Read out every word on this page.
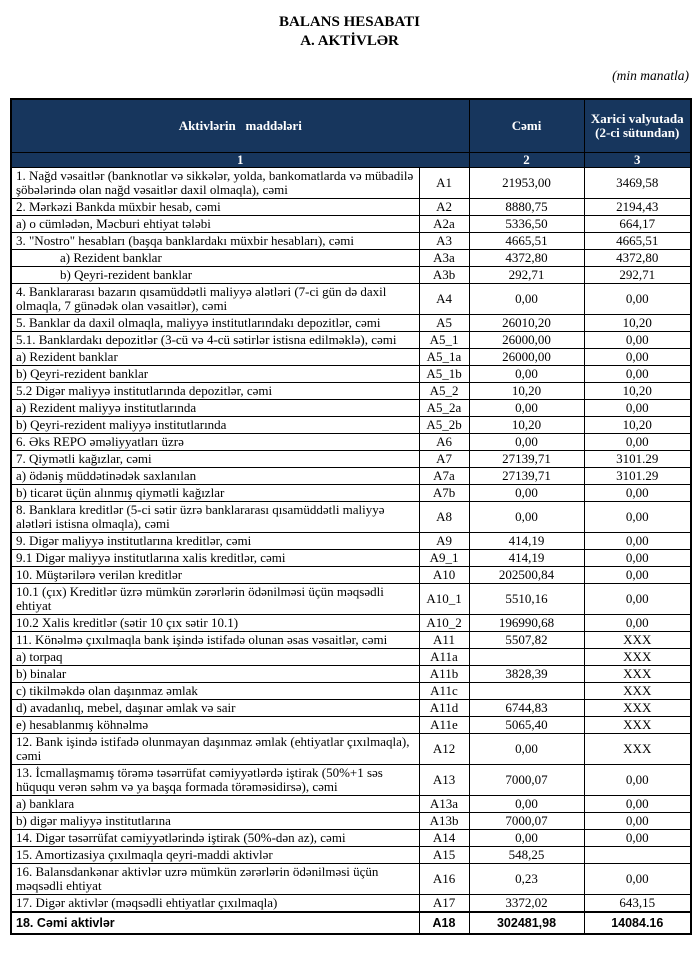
BALANS HESABATI
A. AKTİVLƏR
(min manatla)
Aktivlərin   maddələri		Cəmi	Xarici valyutada (2-ci sütundan)
1		2	3
1. Nağd vəsaitlər (banknotlar və sikkələr, yolda, bankomatlarda və mübadilə şöbələrində olan nağd vəsaitlər daxil olmaqla), cəmi	A1	21953,00	3469,58
2. Mərkəzi Bankda müxbir hesab, cəmi	A2	8880,75	2194,43
a) o cümlədən, Məcburi ehtiyat tələbi	A2a	5336,50	664,17
3. "Nostro" hesabları (başqa banklardakı müxbir hesabları), cəmi	A3	4665,51	4665,51
a) Rezident banklar	A3a	4372,80	4372,80
b) Qeyri-rezident banklar	A3b	292,71	292,71
4. Banklararası bazarın qısamüddətli maliyyə alətləri (7-ci gün də daxil olmaqla, 7 günədək olan vəsaitlər), cəmi	A4	0,00	0,00
5. Banklar da daxil olmaqla, maliyyə institutlarındakı depozitlər, cəmi	A5	26010,20	10,20
5.1. Banklardakı depozitlər (3-cü və 4-cü sətirlər istisna edilməklə), cəmi	A5_1	26000,00	0,00
a) Rezident banklar	A5_1a	26000,00	0,00
b) Qeyri-rezident banklar	A5_1b	0,00	0,00
5.2 Digər maliyyə institutlarında depozitlər, cəmi	A5_2	10,20	10,20
a) Rezident maliyyə institutlarında	A5_2a	0,00	0,00
b) Qeyri-rezident maliyyə institutlarında	A5_2b	10,20	10,20
6. Əks REPO əməliyyatları üzrə	A6	0,00	0,00
7. Qiymətli kağızlar, cəmi	A7	27139,71	3101.29
a) ödəniş müddətinədək saxlanılan	A7a	27139,71	3101.29
b) ticarət üçün alınmış qiymətli kağızlar	A7b	0,00	0,00
8. Banklara kreditlər (5-ci sətir üzrə banklararası qısamüddətli maliyyə alətləri istisna olmaqla), cəmi	A8	0,00	0,00
9. Digər maliyyə institutlarına kreditlər, cəmi	A9	414,19	0,00
9.1 Digər maliyyə institutlarına xalis kreditlər, cəmi	A9_1	414,19	0,00
10. Müştərilərə verilən kreditlər	A10	202500,84	0,00
10.1 (çıx) Kreditlər üzrə mümkün zərərlərin ödənilməsi üçün məqsədli ehtiyat	A10_1	5510,16	0,00
10.2 Xalis kreditlər (sətir 10 çıx sətir 10.1)	A10_2	196990,68	0,00
11. Könəlmə çıxılmaqla bank işində istifadə olunan əsas vəsaitlər, cəmi	A11	5507,82	XXX
a) torpaq	A11a		XXX
b) binalar	A11b	3828,39	XXX
c) tikilməkdə olan daşınmaz əmlak	A11c		XXX
d) avadanlıq, mebel, daşınar əmlak və sair	A11d	6744,83	XXX
e) hesablanmış köhnəlmə	A11e	5065,40	XXX
12. Bank işində istifadə olunmayan daşınmaz əmlak (ehtiyatlar çıxılmaqla), cəmi	A12	0,00	XXX
13. İcmallaşmamış törəmə təsərrüfat cəmiyyətlərdə iştirak (50%+1 səs hüququ verən səhm və ya başqa formada törəməsidirsə), cəmi	A13	7000,07	0,00
a) banklara	A13a	0,00	0,00
b) digər maliyyə institutlarına	A13b	7000,07	0,00
14. Digər təsərrüfat cəmiyyətlərində iştirak (50%-dən az), cəmi	A14	0,00	0,00
15. Amortizasiya çıxılmaqla qeyri-maddi aktivlər	A15	548,25	
16. Balansdankənar aktivlər uzrə mümkün zərərlərin ödənilməsi üçün məqsədli ehtiyat	A16	0,23	0,00
17. Digər aktivlər (məqsədli ehtiyatlar çıxılmaqla)	A17	3372,02	643,15
18. Cəmi aktivlər	A18	302481,98	14084.16
